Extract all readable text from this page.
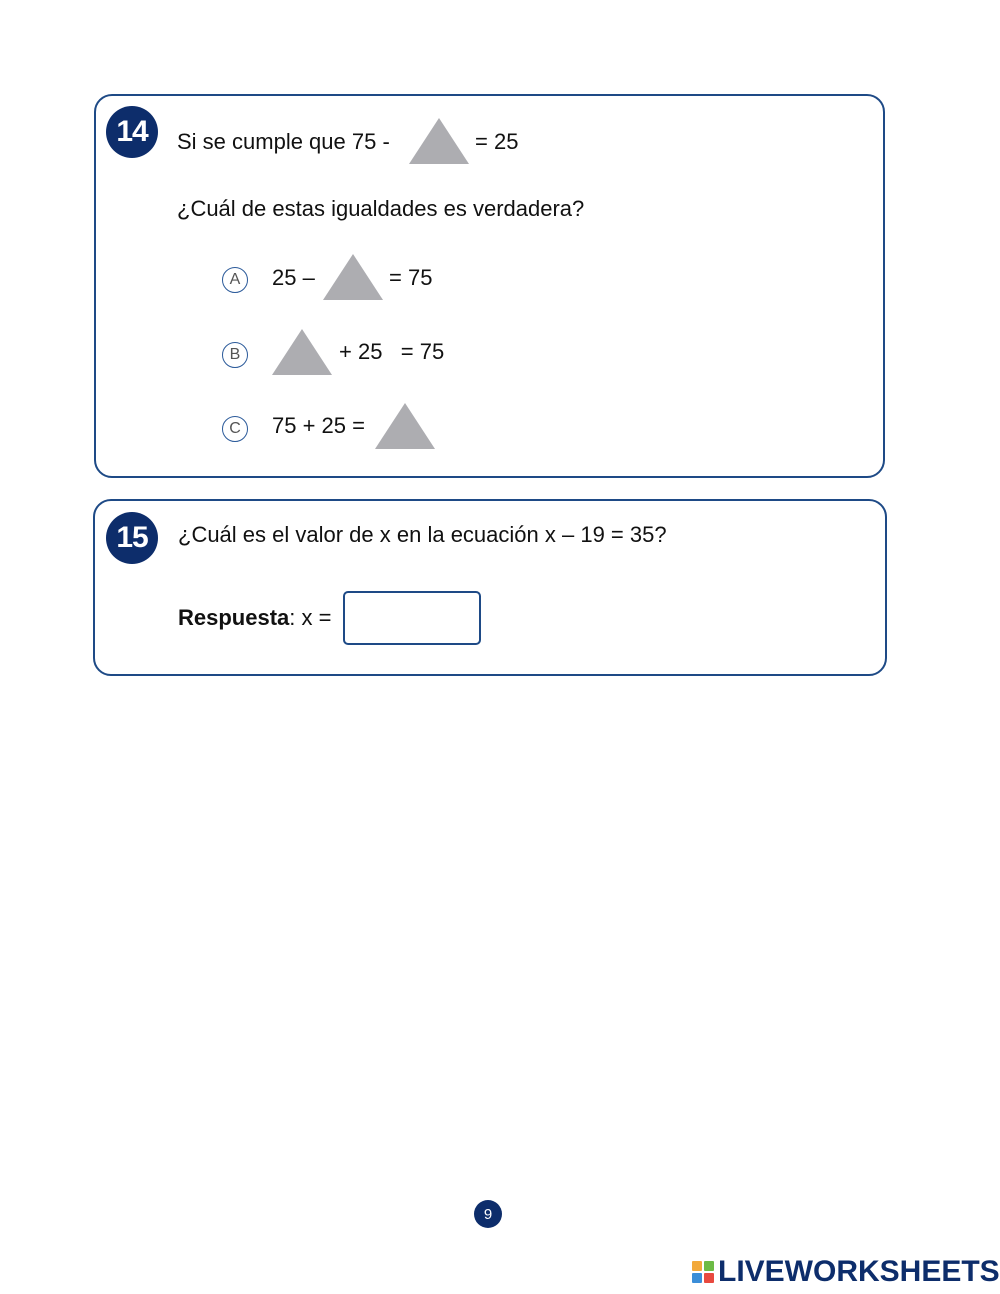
14	Si se cumple que 75 -	= 25
¿Cuál de estas igualdades es verdadera?
A	25 –	= 75
B	+ 25   = 75
C	75 + 25 =
15	¿Cuál es el valor de x en la ecuación x – 19 = 35?
Respuesta: x =
9
LIVEWORKSHEETS
